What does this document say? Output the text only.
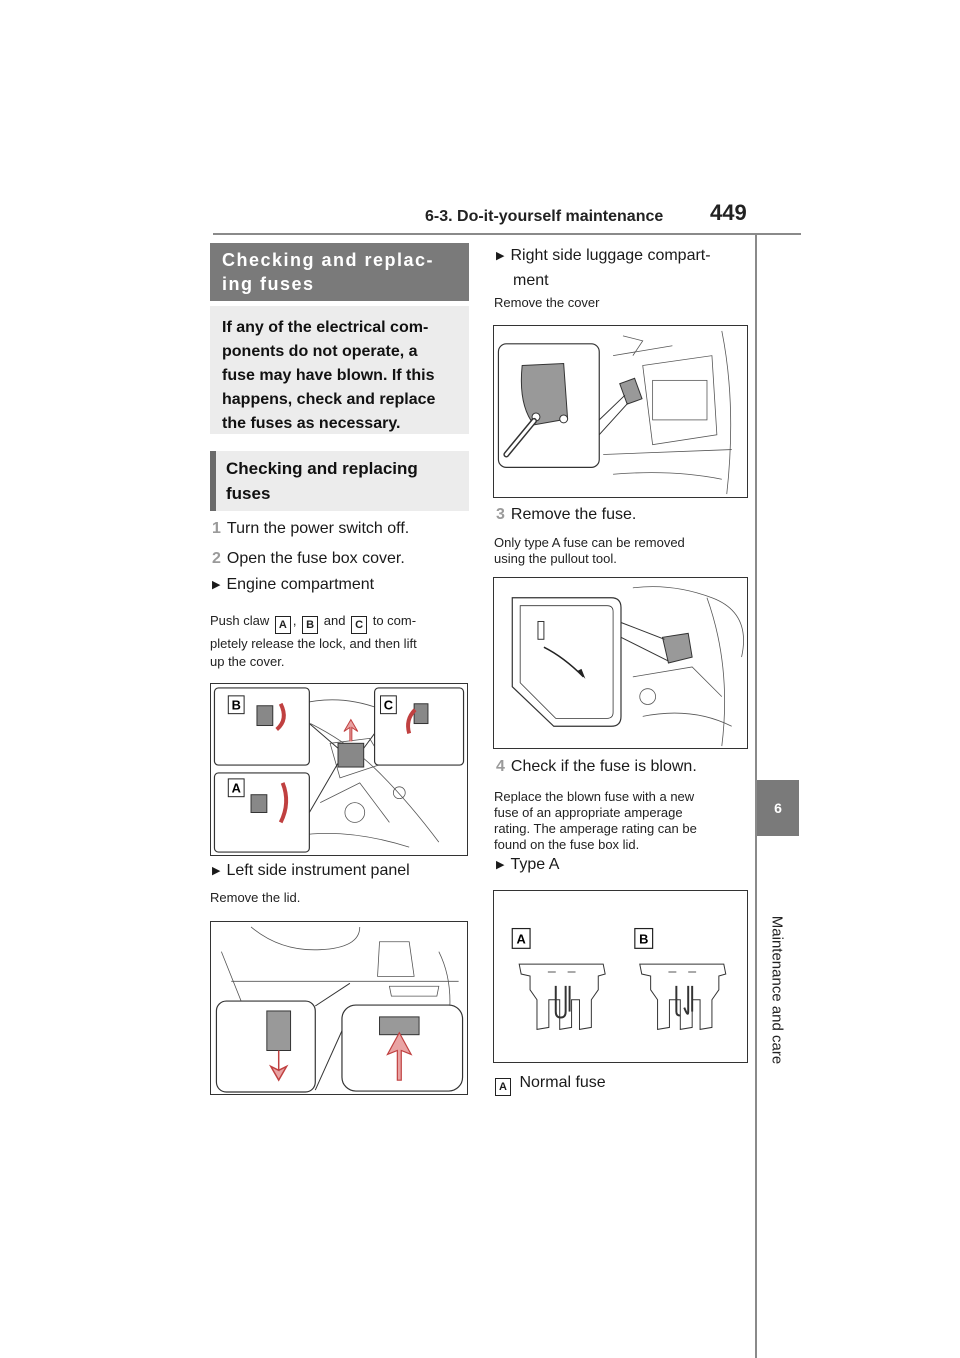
6-3. Do-it-yourself maintenance 449
6
Maintenance and care
Checking and replac-
ing fuses
If any of the electrical com-
ponents do not operate, a
fuse may have blown. If this
happens, check and replace
the fuses as necessary.
Checking and replacing
fuses
1 Turn the power switch off.
2 Open the fuse box cover.
▶ Engine compartment
Push claw A , B and C to com-
pletely release the lock, and then lift
up the cover.
B	C
A
▶ Left side instrument panel
Remove the lid.
▶ Right side luggage compart-
ment
Remove the cover
3 Remove the fuse.
Only type A fuse can be removed
using the pullout tool.
4 Check if the fuse is blown.
Replace the blown fuse with a new
fuse of an appropriate amperage
rating. The amperage rating can be
found on the fuse box lid.
▶ Type A
A	B
A Normal fuse
